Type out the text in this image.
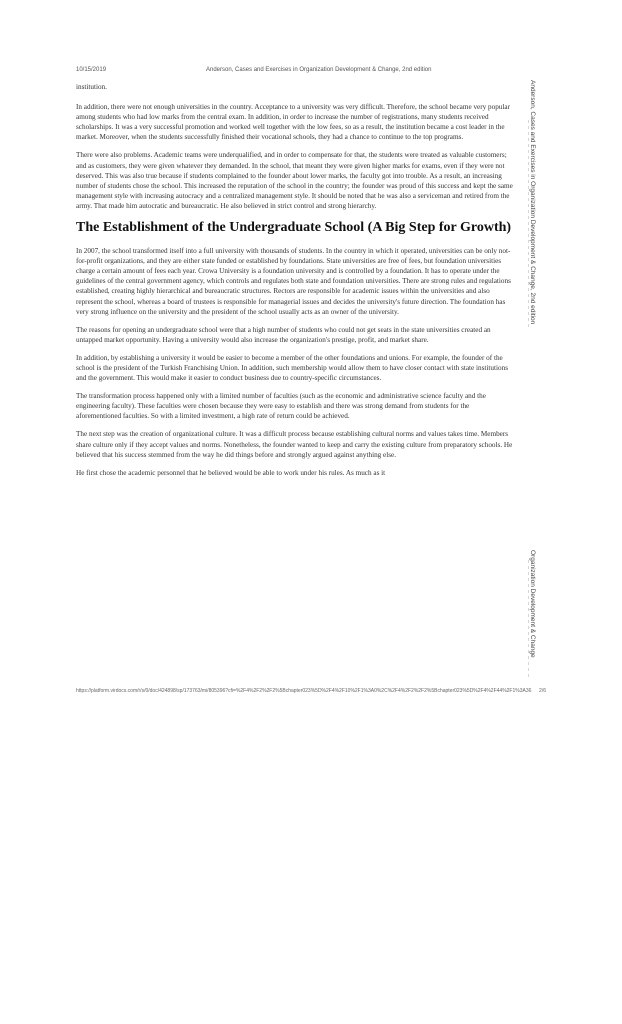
10/15/2019	Anderson, Cases and Exercises in Organization Development & Change, 2nd edition

institution.

In addition, there were not enough universities in the country. Acceptance to a university was very difficult. Therefore, the school became very popular among students who had low marks from the central exam. In addition, in order to increase the number of registrations, many students received scholarships. It was a very successful promotion and worked well together with the low fees, so as a result, the institution became a cost leader in the market. Moreover, when the students successfully finished their vocational schools, they had a chance to continue to the top programs.

There were also problems. Academic teams were underqualified, and in order to compensate for that, the students were treated as valuable customers; and as customers, they were given whatever they demanded. In the school, that meant they were given higher marks for exams, even if they were not deserved. This was also true because if students complained to the founder about lower marks, the faculty got into trouble. As a result, an increasing number of students chose the school. This increased the reputation of the school in the country; the founder was proud of this success and kept the same management style with increasing autocracy and a centralized management style. It should be noted that he was also a serviceman and retired from the army. That made him autocratic and bureaucratic. He also believed in strict control and strong hierarchy.

The Establishment of the Undergraduate School (A Big Step for Growth)

In 2007, the school transformed itself into a full university with thousands of students. In the country in which it operated, universities can be only not-for-profit organizations, and they are either state funded or established by foundations. State universities are free of fees, but foundation universities charge a certain amount of fees each year. Crowa University is a foundation university and is controlled by a foundation. It has to operate under the guidelines of the central government agency, which controls and regulates both state and foundation universities. There are strong rules and regulations established, creating highly hierarchical and bureaucratic structures. Rectors are responsible for academic issues within the universities and also represent the school, whereas a board of trustees is responsible for managerial issues and decides the university's future direction. The foundation has very strong influence on the university and the president of the school usually acts as an owner of the university.

The reasons for opening an undergraduate school were that a high number of students who could not get seats in the state universities created an untapped market opportunity. Having a university would also increase the organization's prestige, profit, and market share.

In addition, by establishing a university it would be easier to become a member of the other foundations and unions. For example, the founder of the school is the president of the Turkish Franchising Union. In addition, such membership would allow them to have closer contact with state institutions and the government. This would make it easier to conduct business due to country-specific circumstances.

The transformation process happened only with a limited number of faculties (such as the economic and administrative science faculty and the engineering faculty). These faculties were chosen because they were easy to establish and there was strong demand from students for the aforementioned faculties. So with a limited investment, a high rate of return could be achieved.

The next step was the creation of organizational culture. It was a difficult process because establishing cultural norms and values takes time. Members share culture only if they accept values and norms. Nonetheless, the founder wanted to keep and carry the existing culture from preparatory schools. He believed that his success stemmed from the way he did things before and strongly argued against anything else.

He first chose the academic personnel that he believed would be able to work under his rules. As much as it

https://platform.virdocs.com/r/s/0/doc/424898/sp/173763/mi/805396?cfi=%2F4%2F2%2F2%5Bchapter023%5D%2F4%2F10%2F1%3A0%2C%2F4%2F2%2F2%5Bchapter023%5D%2F4%2F44%2F1%3A36 2/6
Anderson, Cases and Exercises in Organization Development & Change, 2nd edition
Organization Development & Change
